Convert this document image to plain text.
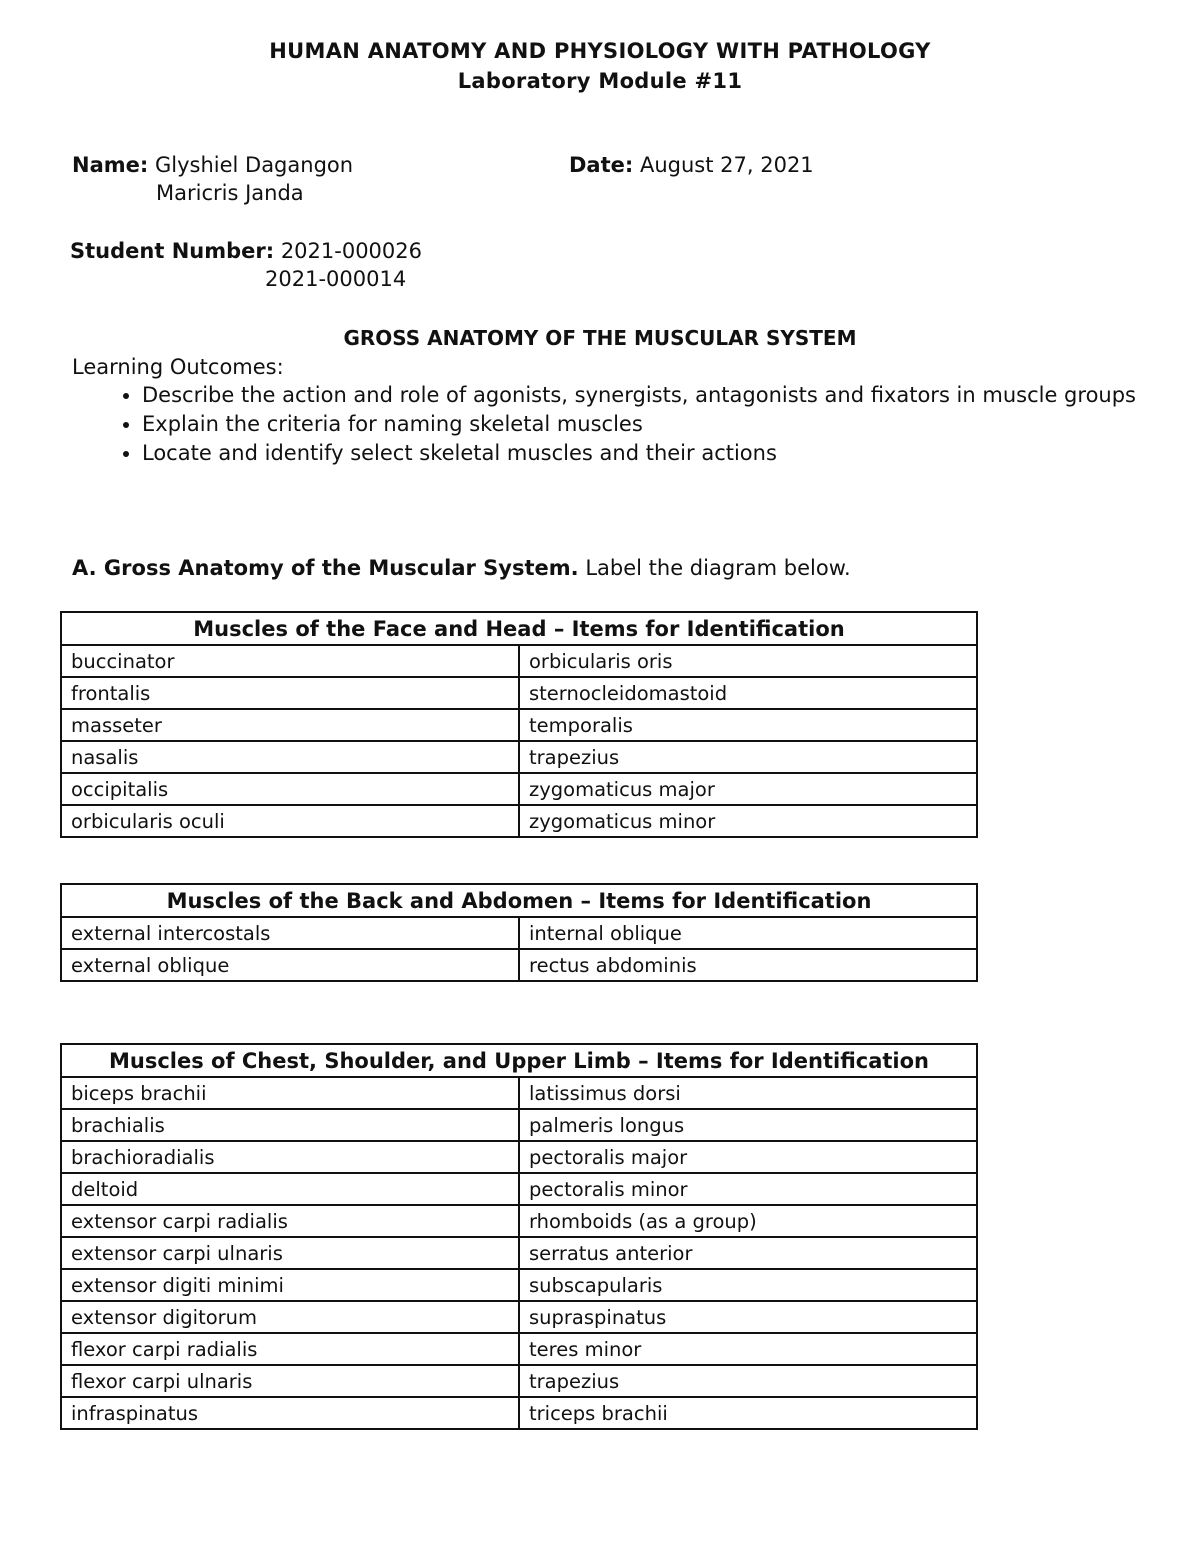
HUMAN ANATOMY AND PHYSIOLOGY WITH PATHOLOGY
Laboratory Module #11
Name: Glyshiel Dagangon
Maricris Janda
Date: August 27, 2021
Student Number: 2021-000026
2021-000014
GROSS ANATOMY OF THE MUSCULAR SYSTEM
Learning Outcomes:
• Describe the action and role of agonists, synergists, antagonists and fixators in muscle groups
• Explain the criteria for naming skeletal muscles
• Locate and identify select skeletal muscles and their actions
A. Gross Anatomy of the Muscular System. Label the diagram below.
Muscles of the Face and Head – Items for Identification	
buccinator	orbicularis oris
frontalis	sternocleidomastoid
masseter	temporalis
nasalis	trapezius
occipitalis	zygomaticus major
orbicularis oculi	zygomaticus minor
Muscles of the Back and Abdomen – Items for Identification	
external intercostals	internal oblique
external oblique	rectus abdominis
Muscles of Chest, Shoulder, and Upper Limb – Items for Identification	
biceps brachii	latissimus dorsi
brachialis	palmeris longus
brachioradialis	pectoralis major
deltoid	pectoralis minor
extensor carpi radialis	rhomboids (as a group)
extensor carpi ulnaris	serratus anterior
extensor digiti minimi	subscapularis
extensor digitorum	supraspinatus
flexor carpi radialis	teres minor
flexor carpi ulnaris	trapezius
infraspinatus	triceps brachii
